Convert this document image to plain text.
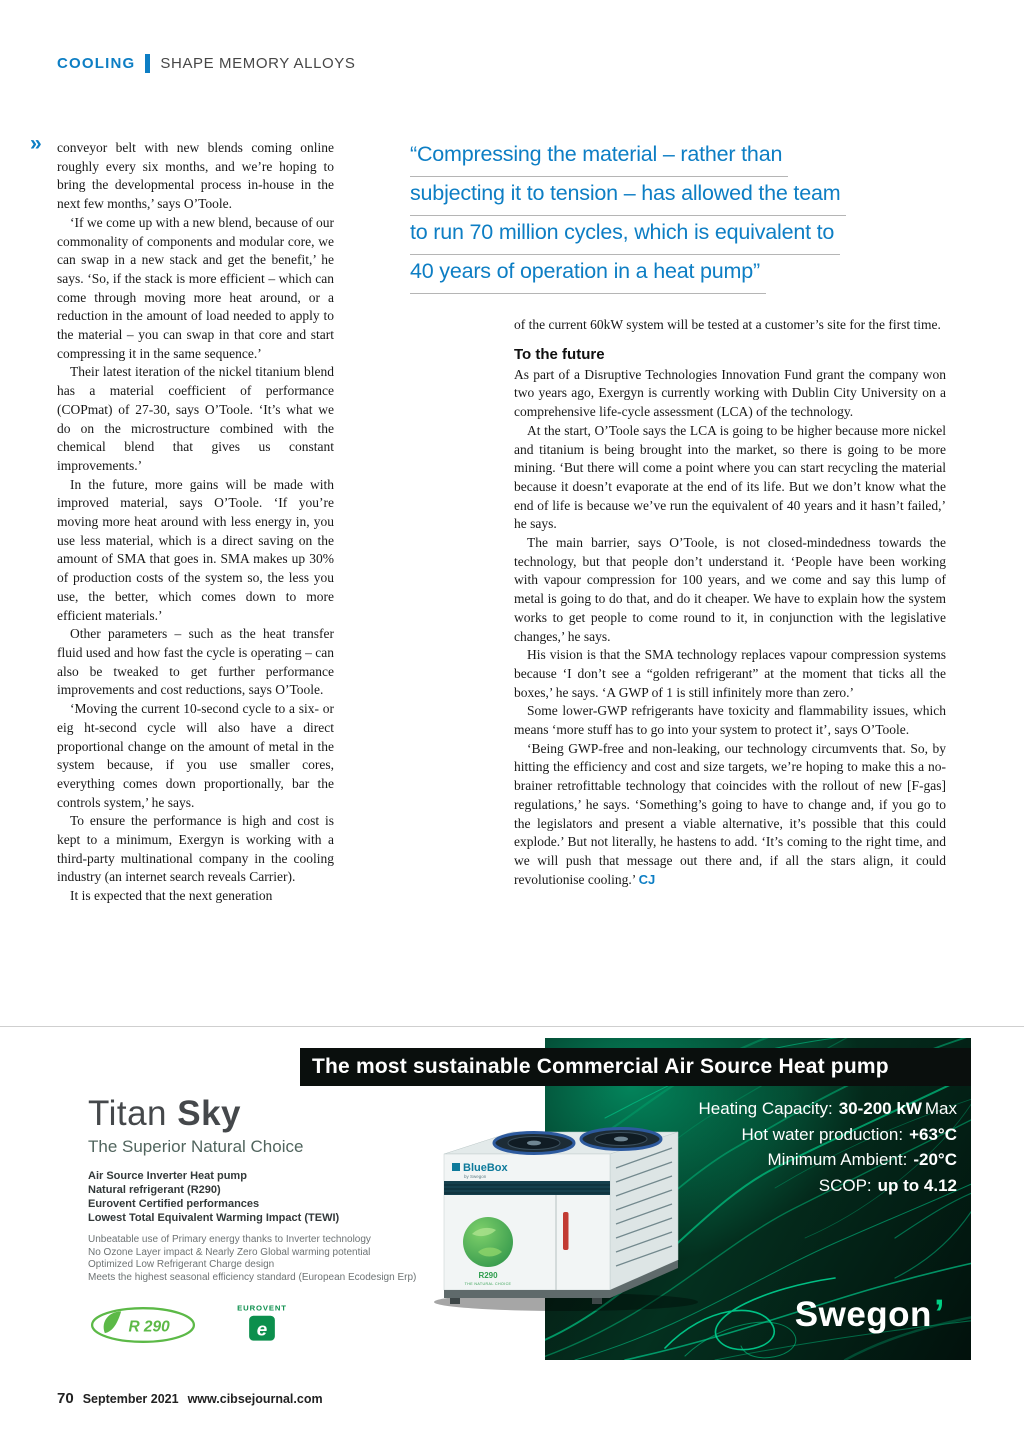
COOLING SHAPE MEMORY ALLOYS

» conveyor belt with new blends coming online roughly every six months, and we’re hoping to bring the developmental process in-house in the next few months,’ says O’Toole.

‘If we come up with a new blend, because of our commonality of components and modular core, we can swap in a new stack and get the benefit,’ he says. ‘So, if the stack is more efficient – which can come through moving more heat around, or a reduction in the amount of load needed to apply to the material – you can swap in that core and start compressing it in the same sequence.’

Their latest iteration of the nickel titanium blend has a material coefficient of performance (COPmat) of 27-30, says O’Toole. ‘It’s what we do on the microstructure combined with the chemical blend that gives us constant improvements.’

In the future, more gains will be made with improved material, says O’Toole. ‘If you’re moving more heat around with less energy in, you use less material, which is a direct saving on the amount of SMA that goes in. SMA makes up 30% of production costs of the system so, the less you use, the better, which comes down to more efficient materials.’

Other parameters – such as the heat transfer fluid used and how fast the cycle is operating – can also be tweaked to get further performance improvements and cost reductions, says O’Toole.

‘Moving the current 10-second cycle to a six- or eig ht-second cycle will also have a direct proportional change on the amount of metal in the system because, if you use smaller cores, everything comes down proportionally, bar the controls system,’ he says.

To ensure the performance is high and cost is kept to a minimum, Exergyn is working with a third-party multinational company in the cooling industry (an internet search reveals Carrier).

It is expected that the next generation

“Compressing the material – rather than
subjecting it to tension – has allowed the team
to run 70 million cycles, which is equivalent to
40 years of operation in a heat pump”

of the current 60kW system will be tested at a customer’s site for the first time.

To the future

As part of a Disruptive Technologies Innovation Fund grant the company won two years ago, Exergyn is currently working with Dublin City University on a comprehensive life-cycle assessment (LCA) of the technology.

At the start, O’Toole says the LCA is going to be higher because more nickel and titanium is being brought into the market, so there is going to be more mining. ‘But there will come a point where you can start recycling the material because it doesn’t evaporate at the end of its life. But we don’t know what the end of life is because we’ve run the equivalent of 40 years and it hasn’t failed,’ he says.

The main barrier, says O’Toole, is not closed-mindedness towards the technology, but that people don’t understand it. ‘People have been working with vapour compression for 100 years, and we come and say this lump of metal is going to do that, and do it cheaper. We have to explain how the system works to get people to come round to it, in conjunction with the legislative changes,’ he says.

His vision is that the SMA technology replaces vapour compression systems because ‘I don’t see a “golden refrigerant” at the moment that ticks all the boxes,’ he says. ‘A GWP of 1 is still infinitely more than zero.’

Some lower-GWP refrigerants have toxicity and flammability issues, which means ‘more stuff has to go into your system to protect it’, says O’Toole.

‘Being GWP-free and non-leaking, our technology circumvents that. So, by hitting the efficiency and cost and size targets, we’re hoping to make this a no-brainer retrofittable technology that coincides with the rollout of new [F-gas] regulations,’ he says. ‘Something’s going to have to change and, if you go to the legislators and present a viable alternative, it’s possible that this could explode.’ But not literally, he hastens to add. ‘It’s coming to the right time, and we will push that message out there and, if all the stars align, it could revolutionise cooling.’ CJ

The most sustainable Commercial Air Source Heat pump
Titan Sky
The Superior Natural Choice
Air Source Inverter Heat pump
Natural refrigerant (R290)
Eurovent Certified performances
Lowest Total Equivalent Warming Impact (TEWI)
Unbeatable use of Primary energy thanks to Inverter technology
No Ozone Layer impact & Nearly Zero Global warming potential
Optimized Low Refrigerant Charge design
Meets the highest seasonal efficiency standard (European Ecodesign Erp)
R 290
EUROVENT
e
BlueBox
by Swegon
R290
THE NATURAL CHOICE
Heating Capacity: 30-200 kW Max
Hot water production: +63°C
Minimum Ambient: -20°C
SCOP: up to 4.12
Swegon’
70 September 2021 www.cibsejournal.com
